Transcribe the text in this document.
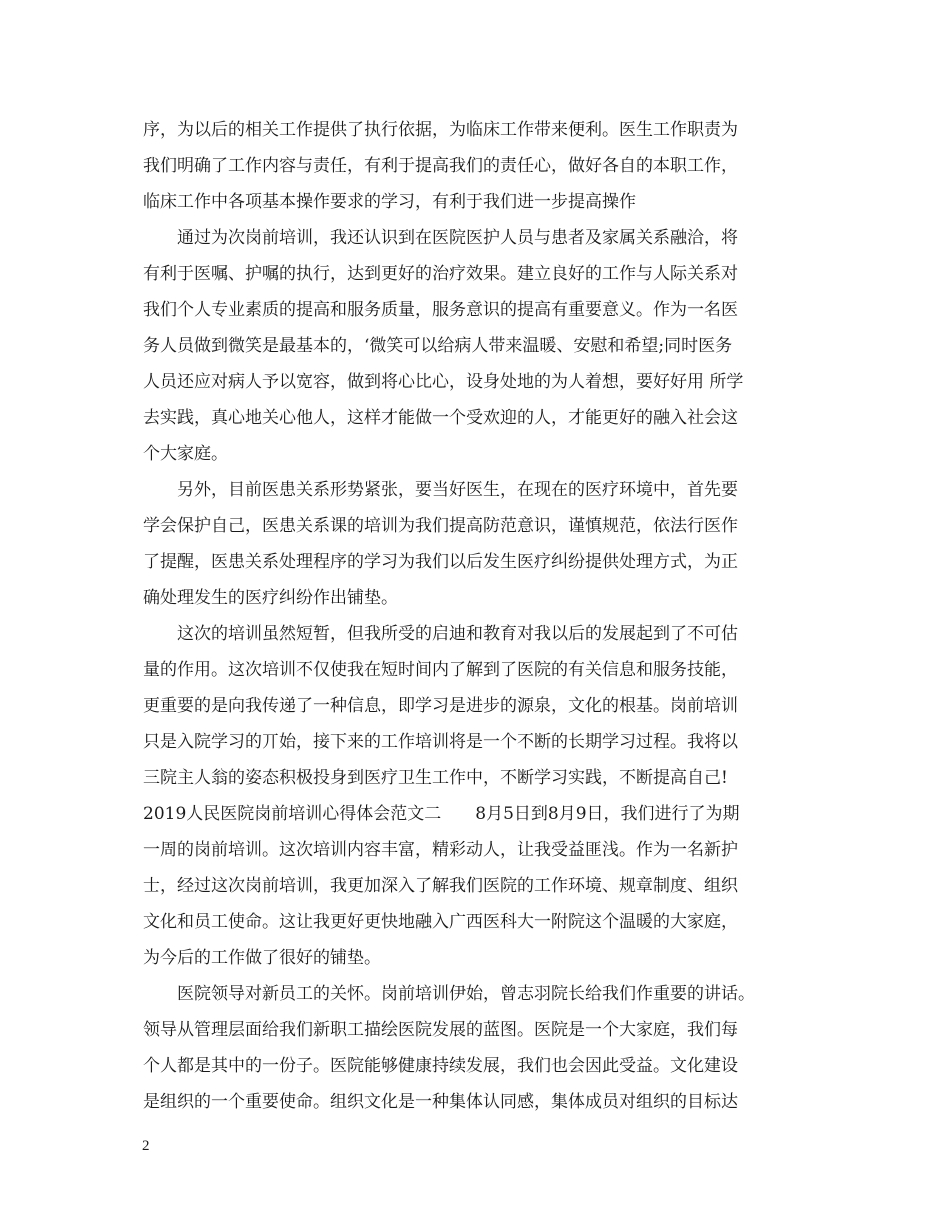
序，为以后的相关工作提供了执行依据，为临床工作带来便利。医生工作职责为
我们明确了工作内容与责任，有利于提高我们的责任心，做好各自的本职工作，
临床工作中各项基本操作要求的学习，有利于我们进一步提高操作
　　通过为次岗前培训，我还认识到在医院医护人员与患者及家属关系融洽，将
有利于医嘱、护嘱的执行，达到更好的治疗效果。建立良好的工作与人际关系对
我们个人专业素质的提高和服务质量，服务意识的提高有重要意义。作为一名医
务人员做到微笑是最基本的，‘微笑可以给病人带来温暖、安慰和希望;同时医务
人员还应对病人予以宽容，做到将心比心，设身处地的为人着想，要好好用 所学
去实践，真心地关心他人，这样才能做一个受欢迎的人，才能更好的融入社会这
个大家庭。
　　另外，目前医患关系形势紧张，要当好医生，在现在的医疗环境中，首先要
学会保护自己，医患关系课的培训为我们提高防范意识，谨慎规范，依法行医作
了提醒，医患关系处理程序的学习为我们以后发生医疗纠纷提供处理方式，为正
确处理发生的医疗纠纷作出铺垫。
　　这次的培训虽然短暂，但我所受的启迪和教育对我以后的发展起到了不可估
量的作用。这次培训不仅使我在短时间内了解到了医院的有关信息和服务技能，
更重要的是向我传递了一种信息，即学习是进步的源泉，文化的根基。岗前培训
只是入院学习的丌始，接下来的工作培训将是一个不断的长期学习过程。我将以
三院主人翁的姿态积极投身到医疗卫生工作中，不断学习实践，不断提高自己!
2019人民医院岗前培训心得体会范文二　　8月5日到8月9日，我们进行了为期
一周的岗前培训。这次培训内容丰富，精彩动人，让我受益匪浅。作为一名新护
士，经过这次岗前培训，我更加深入了解我们医院的工作环境、规章制度、组织
文化和员工使命。这让我更好更快地融入广西医科大一附院这个温暖的大家庭，
为今后的工作做了很好的铺垫。
　　医院领导对新员工的关怀。岗前培训伊始，曾志羽院长给我们作重要的讲话。
领导从管理层面给我们新职工描绘医院发展的蓝图。医院是一个大家庭，我们每
个人都是其中的一份子。医院能够健康持续发展，我们也会因此受益。文化建设
是组织的一个重要使命。组织文化是一种集体认同感，集体成员对组织的目标达
2
